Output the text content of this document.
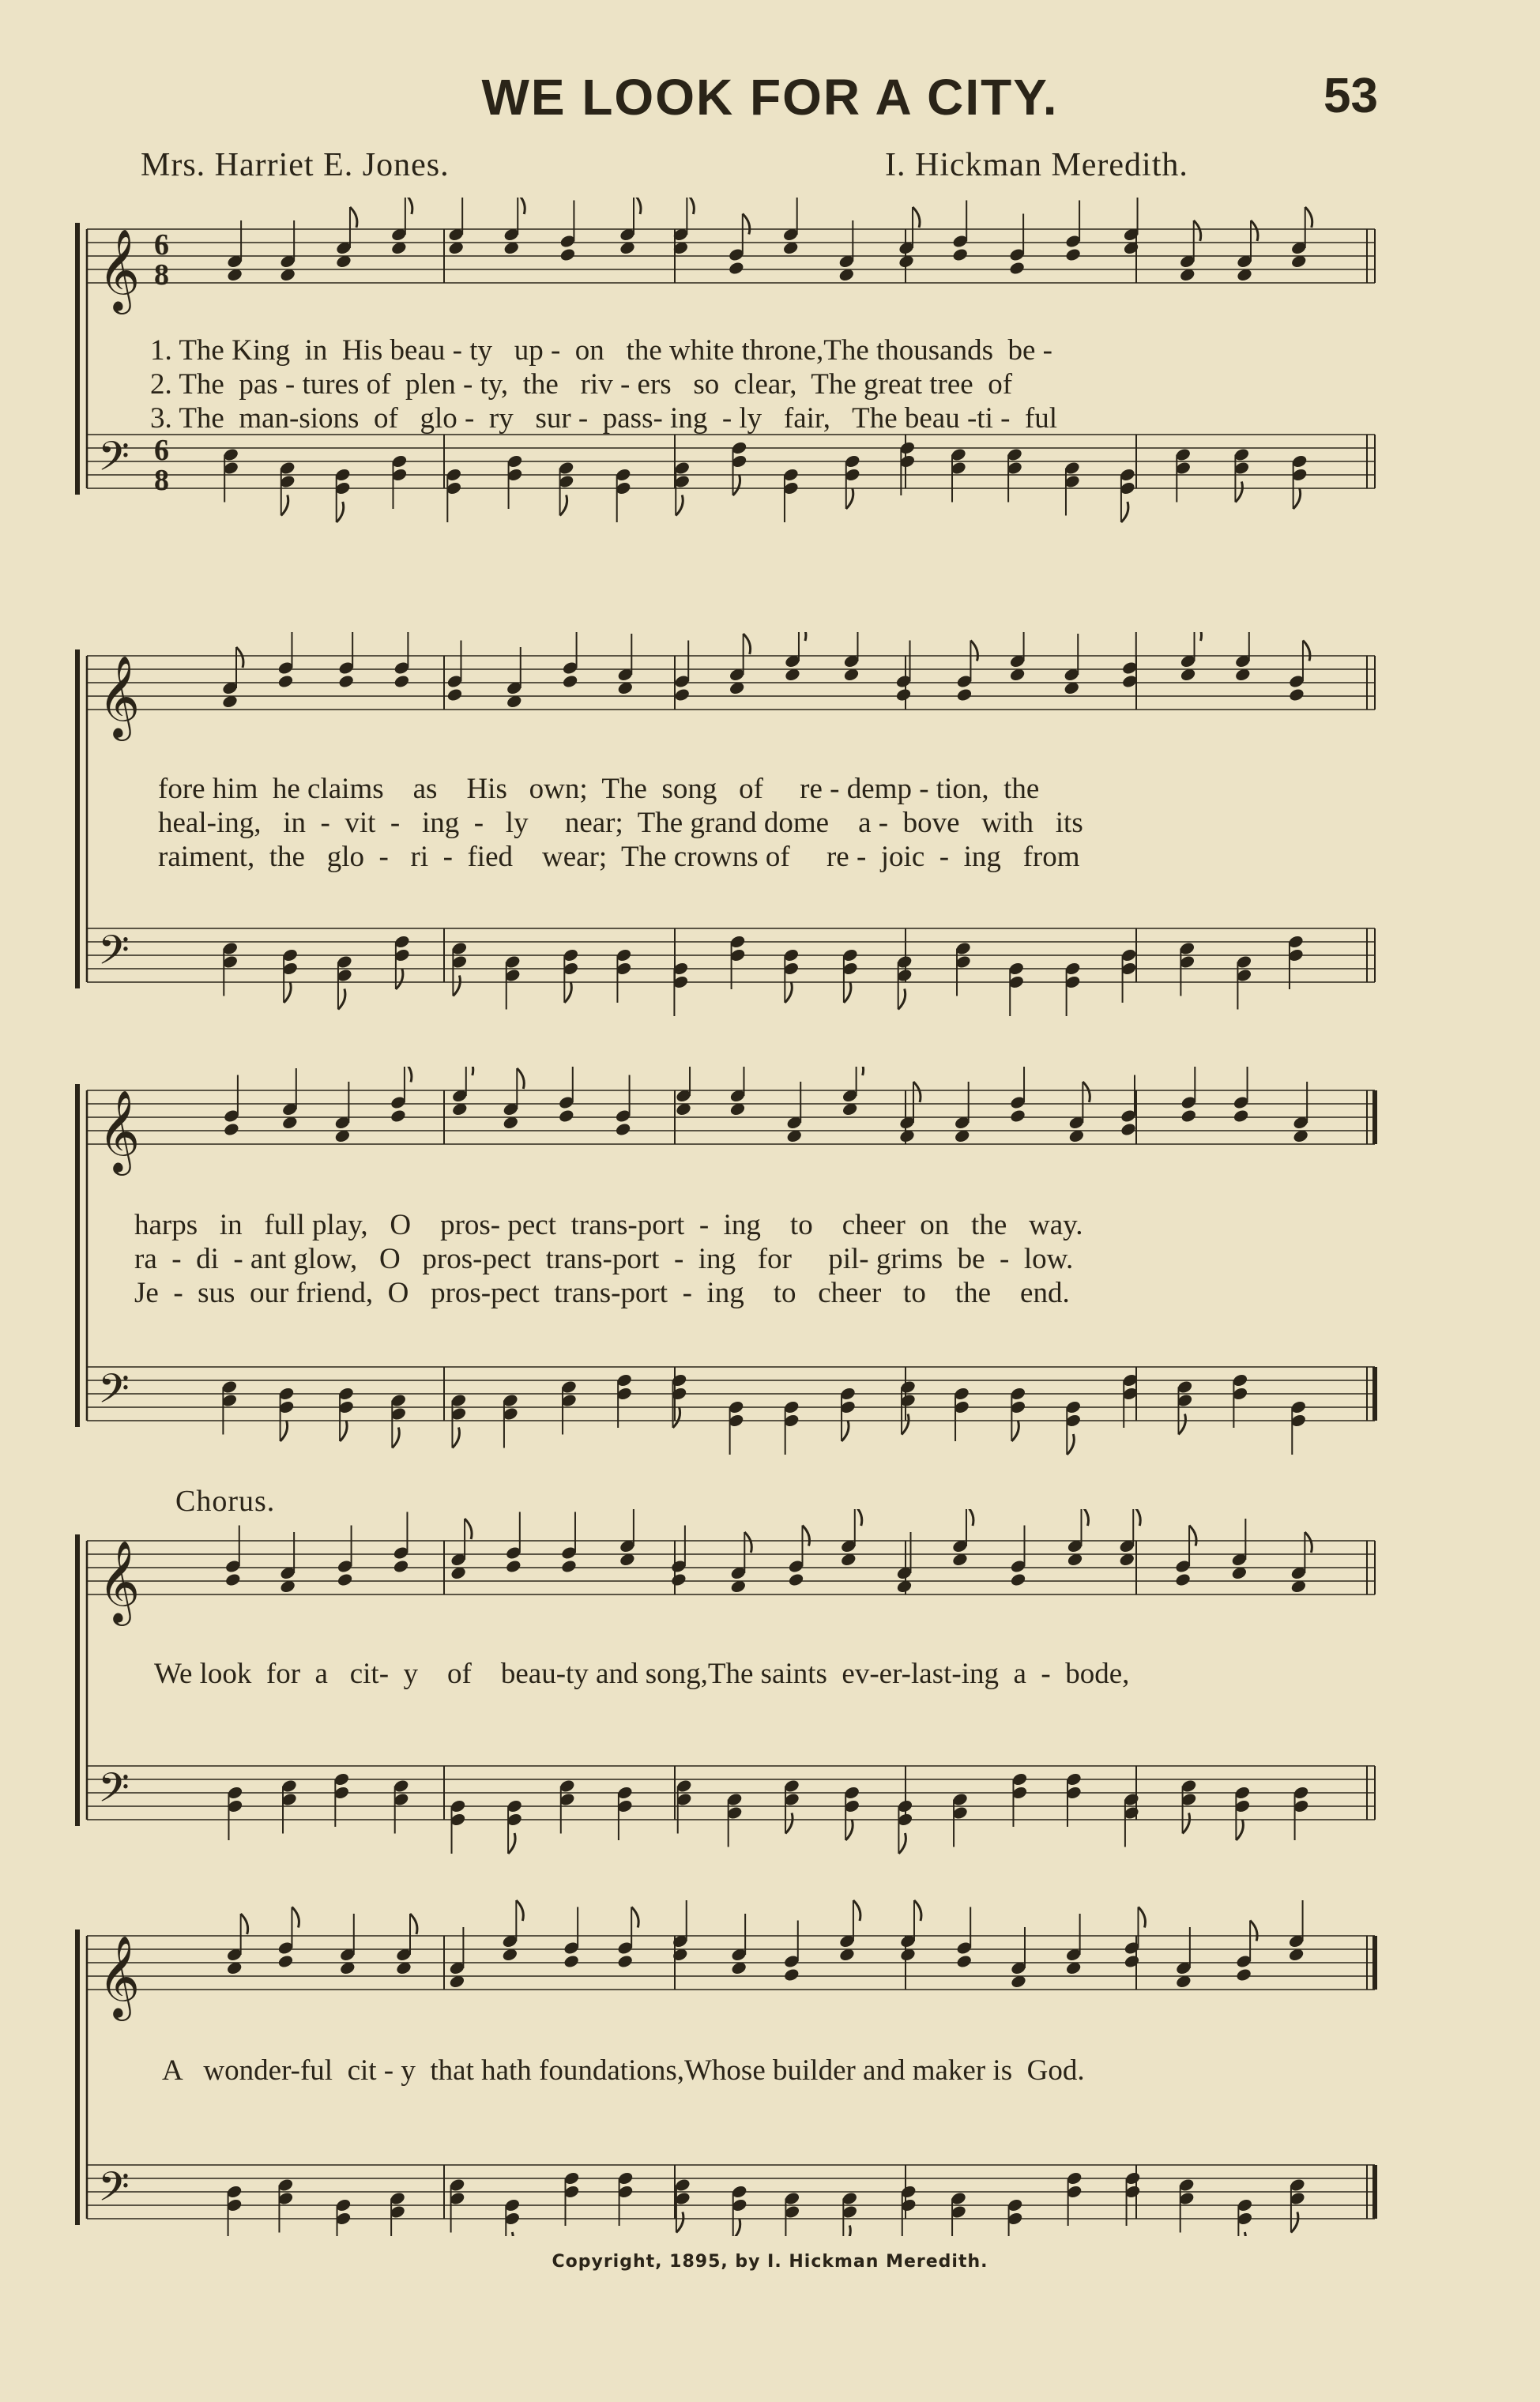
WE LOOK FOR A CITY.	53
Mrs. Harriet E. Jones.	I. Hickman Meredith.
𝄞 6
8
𝄢 6
8
1. The King  in  His beau - ty   up -  on   the white throne,The thousands  be -
2. The  pas - tures of  plen - ty,  the   riv - ers   so  clear,  The great tree  of
3. The  man-sions  of   glo -  ry   sur -  pass- ing  - ly   fair,   The beau -ti -  ful
𝄞
𝄢
fore him  he claims    as    His   own;  The  song   of     re - demp - tion,  the
heal-ing,   in  -  vit  -   ing  -   ly     near;  The grand dome    a -  bove   with   its
raiment,  the   glo  -   ri  -  fied    wear;  The crowns of     re -  joic  -  ing   from
𝄞
𝄢
harps   in   full play,   O    pros- pect  trans-port  -  ing    to    cheer  on   the   way.
ra  -  di  - ant glow,   O   pros-pect  trans-port  -  ing   for     pil- grims  be  -  low.
Je  -  sus  our friend,  O   pros-pect  trans-port  -  ing    to   cheer   to    the    end.
Chorus.
𝄞
𝄢
We look  for  a   cit-  y    of    beau-ty and song,The saints  ev-er-last-ing  a  -  bode,
𝄞
𝄢
A   wonder-ful  cit - y  that hath foundations,Whose builder and maker is  God.
Copyright, 1895, by I. Hickman Meredith.
